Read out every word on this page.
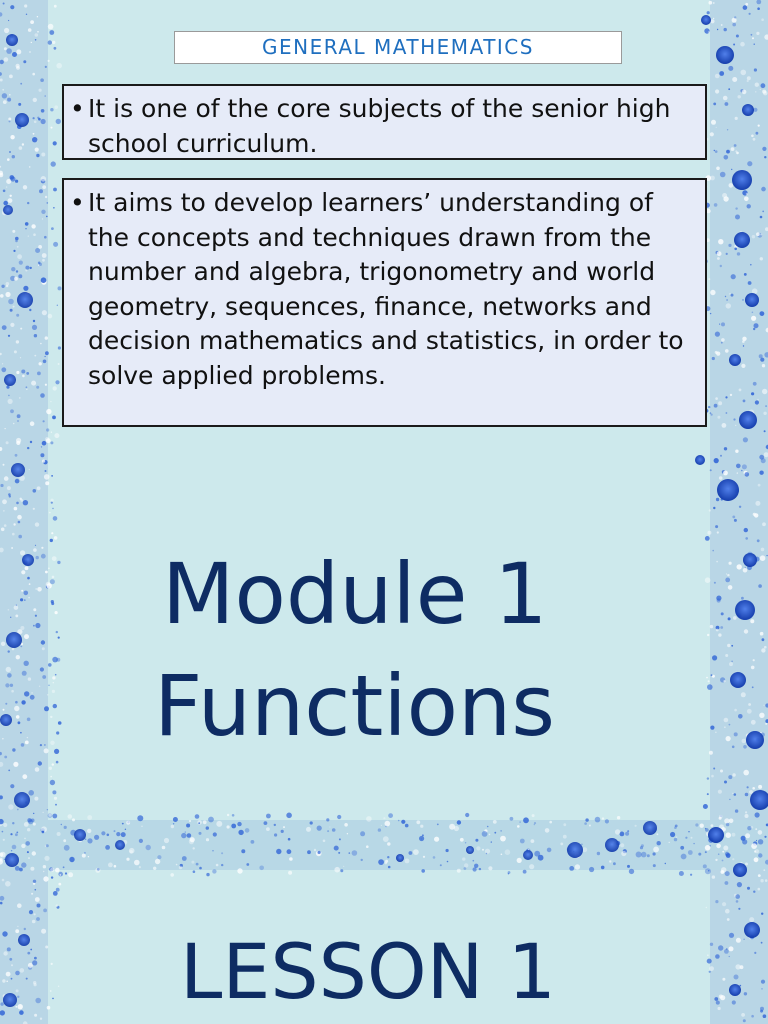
GENERAL MATHEMATICS
• It is one of the core subjects of the senior high school curriculum.
• It aims to develop learners’ understanding of the concepts and techniques drawn from the number and algebra, trigonometry and world geometry, sequences, finance, networks and decision mathematics and statistics, in order to solve applied problems.
Module 1
Functions
LESSON 1
